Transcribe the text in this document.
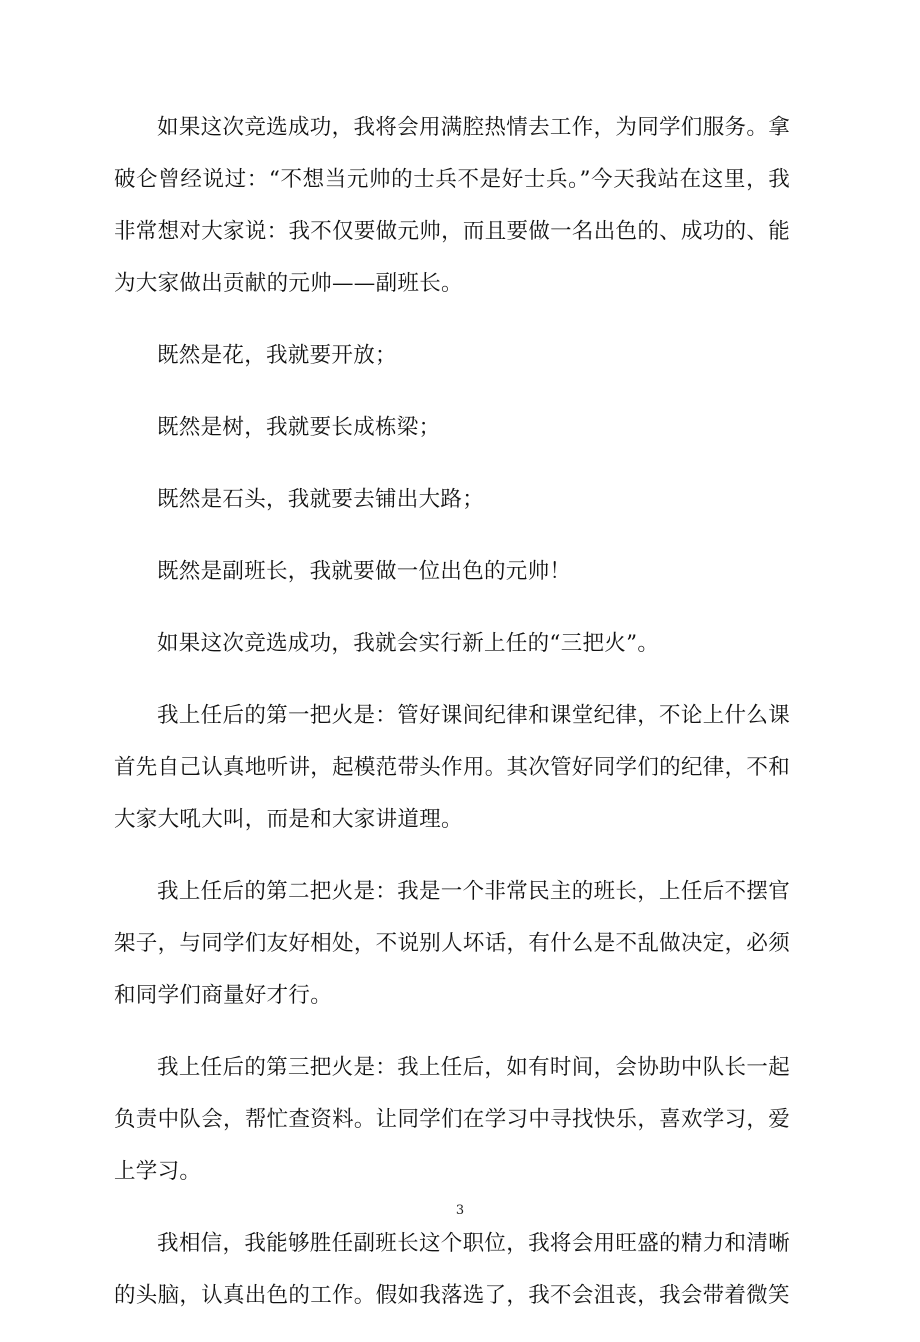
如果这次竞选成功，我将会用满腔热情去工作，为同学们服务。拿破仑曾经说过：“不想当元帅的士兵不是好士兵。”今天我站在这里，我非常想对大家说：我不仅要做元帅，而且要做一名出色的、成功的、能为大家做出贡献的元帅——副班长。

既然是花，我就要开放；

既然是树，我就要长成栋梁；

既然是石头，我就要去铺出大路；

既然是副班长，我就要做一位出色的元帅！

如果这次竞选成功，我就会实行新上任的“三把火”。

我上任后的第一把火是：管好课间纪律和课堂纪律，不论上什么课首先自己认真地听讲，起模范带头作用。其次管好同学们的纪律，不和大家大吼大叫，而是和大家讲道理。

我上任后的第二把火是：我是一个非常民主的班长，上任后不摆官架子，与同学们友好相处，不说别人坏话，有什么是不乱做决定，必须和同学们商量好才行。

我上任后的第三把火是：我上任后，如有时间，会协助中队长一起负责中队会，帮忙查资料。让同学们在学习中寻找快乐，喜欢学习，爱上学习。

我相信，我能够胜任副班长这个职位，我将会用旺盛的精力和清晰的头脑，认真出色的工作。假如我落选了，我不会沮丧，我会带着微笑

3
